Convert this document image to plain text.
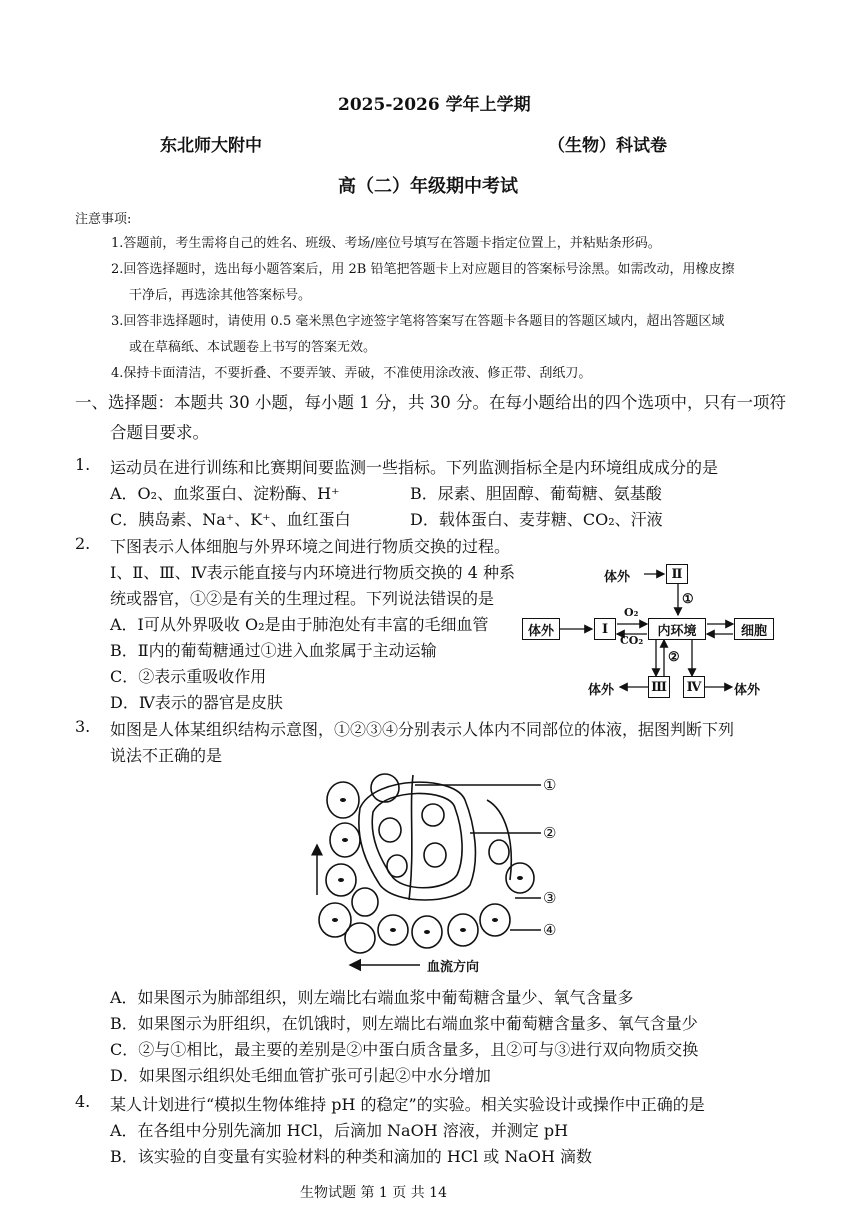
2025-2026 学年上学期
东北师大附中	（生物）科试卷
高（二）年级期中考试
注意事项:
1.答题前，考生需将自己的姓名、班级、考场/座位号填写在答题卡指定位置上，并粘贴条形码。
2.回答选择题时，选出每小题答案后，用 2B 铅笔把答题卡上对应题目的答案标号涂黑。如需改动，用橡皮擦
干净后，再选涂其他答案标号。
3.回答非选择题时，请使用 0.5 毫米黑色字迹签字笔将答案写在答题卡各题目的答题区域内，超出答题区域
或在草稿纸、本试题卷上书写的答案无效。
4.保持卡面清洁，不要折叠、不要弄皱、弄破，不准使用涂改液、修正带、刮纸刀。
一、选择题：本题共 30 小题，每小题 1 分，共 30 分。在每小题给出的四个选项中，只有一项符
合题目要求。
1. 运动员在进行训练和比赛期间要监测一些指标。下列监测指标全是内环境组成成分的是
A．O₂、血浆蛋白、淀粉酶、H⁺	B．尿素、胆固醇、葡萄糖、氨基酸
C．胰岛素、Na⁺、K⁺、血红蛋白	D．载体蛋白、麦芽糖、CO₂、汗液
2. 下图表示人体细胞与外界环境之间进行物质交换的过程。
Ⅰ、Ⅱ、Ⅲ、Ⅳ表示能直接与内环境进行物质交换的 4 种系
统或器官，①②是有关的生理过程。下列说法错误的是
A．Ⅰ可从外界吸收 O₂是由于肺泡处有丰富的毛细血管
B．Ⅱ内的葡萄糖通过①进入血浆属于主动运输
C．②表示重吸收作用
D．Ⅳ表示的器官是皮肤
体外	Ⅱ
①
体外	Ⅰ
O₂
CO₂
内环境	细胞
②
体外	Ⅲ Ⅳ	体外
3. 如图是人体某组织结构示意图，①②③④分别表示人体内不同部位的体液，据图判断下列
说法不正确的是
①
②
③
④
血流方向
A．如果图示为肺部组织，则左端比右端血浆中葡萄糖含量少、氧气含量多
B．如果图示为肝组织，在饥饿时，则左端比右端血浆中葡萄糖含量多、氧气含量少
C．②与①相比，最主要的差别是②中蛋白质含量多，且②可与③进行双向物质交换
D．如果图示组织处毛细血管扩张可引起②中水分增加
4. 某人计划进行“模拟生物体维持 pH 的稳定”的实验。相关实验设计或操作中正确的是
A．在各组中分别先滴加 HCl，后滴加 NaOH 溶液，并测定 pH
B．该实验的自变量有实验材料的种类和滴加的 HCl 或 NaOH 滴数
生物试题 第 1 页 共 14
